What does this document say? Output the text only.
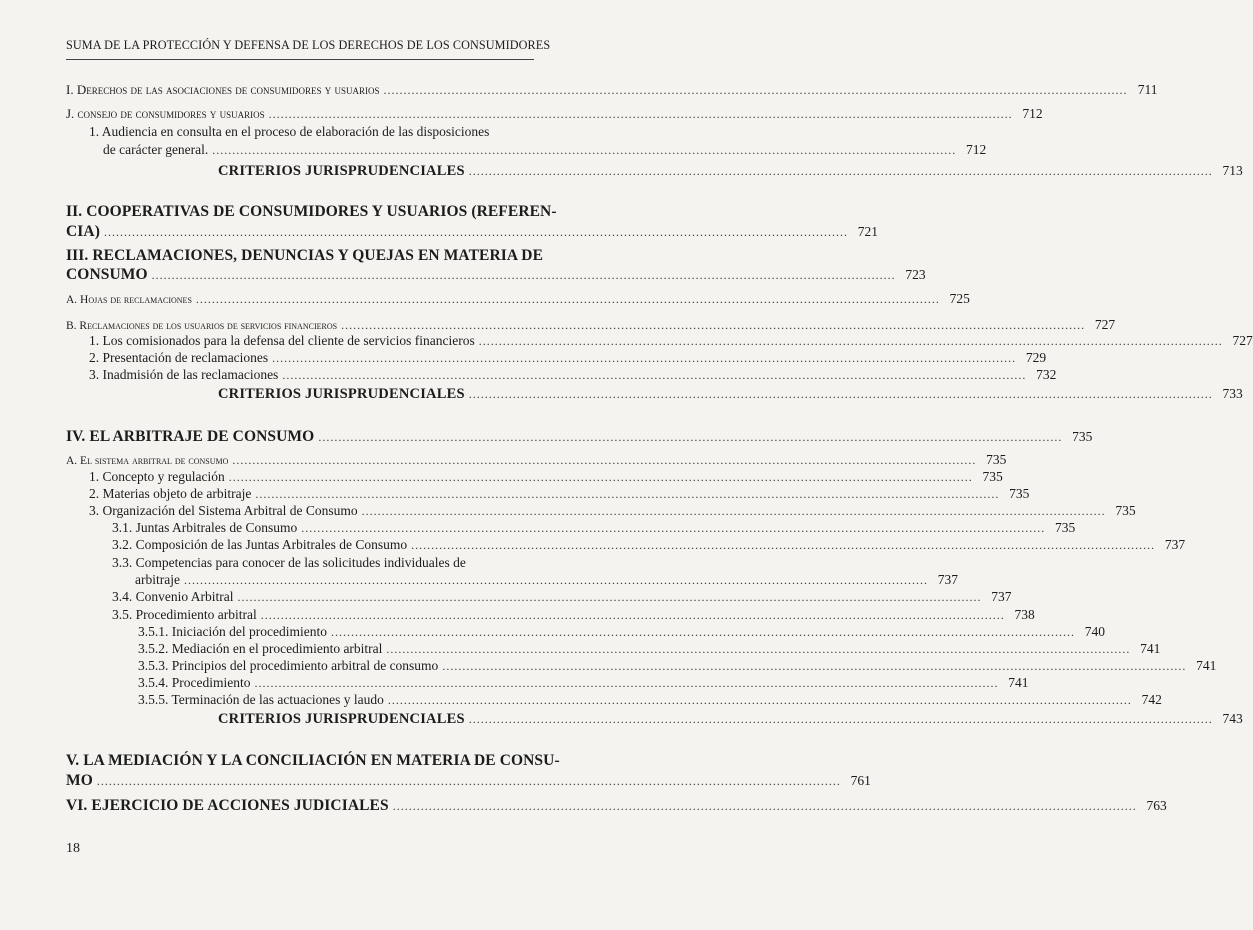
SUMA DE LA PROTECCIÓN Y DEFENSA DE LOS DERECHOS DE LOS CONSUMIDORES
I. Derechos de las asociaciones de consumidores y usuarios .......................................................................................................................................................................................... 711
J. consejo de consumidores y usuarios .......................................................................................................................................................................................... 712
1. Audiencia en consulta en el proceso de elaboración de las disposiciones
de carácter general. .......................................................................................................................................................................................... 712
CRITERIOS JURISPRUDENCIALES .......................................................................................................................................................................................... 713
II. COOPERATIVAS DE CONSUMIDORES Y USUARIOS (REFEREN-
CIA) .......................................................................................................................................................................................... 721
III. RECLAMACIONES, DENUNCIAS Y QUEJAS EN MATERIA DE
CONSUMO .......................................................................................................................................................................................... 723
A. Hojas de reclamaciones .......................................................................................................................................................................................... 725
B. Reclamaciones de los usuarios de servicios financieros .......................................................................................................................................................................................... 727
1. Los comisionados para la defensa del cliente de servicios financieros .......................................................................................................................................................................................... 727
2. Presentación de reclamaciones .......................................................................................................................................................................................... 729
3. Inadmisión de las reclamaciones .......................................................................................................................................................................................... 732
CRITERIOS JURISPRUDENCIALES .......................................................................................................................................................................................... 733
IV. EL ARBITRAJE DE CONSUMO .......................................................................................................................................................................................... 735
A. El sistema arbitral de consumo .......................................................................................................................................................................................... 735
1. Concepto y regulación .......................................................................................................................................................................................... 735
2. Materias objeto de arbitraje .......................................................................................................................................................................................... 735
3. Organización del Sistema Arbitral de Consumo .......................................................................................................................................................................................... 735
3.1. Juntas Arbitrales de Consumo .......................................................................................................................................................................................... 735
3.2. Composición de las Juntas Arbitrales de Consumo .......................................................................................................................................................................................... 737
3.3. Competencias para conocer de las solicitudes individuales de
arbitraje .......................................................................................................................................................................................... 737
3.4. Convenio Arbitral .......................................................................................................................................................................................... 737
3.5. Procedimiento arbitral .......................................................................................................................................................................................... 738
3.5.1. Iniciación del procedimiento .......................................................................................................................................................................................... 740
3.5.2. Mediación en el procedimiento arbitral .......................................................................................................................................................................................... 741
3.5.3. Principios del procedimiento arbitral de consumo .......................................................................................................................................................................................... 741
3.5.4. Procedimiento .......................................................................................................................................................................................... 741
3.5.5. Terminación de las actuaciones y laudo .......................................................................................................................................................................................... 742
CRITERIOS JURISPRUDENCIALES .......................................................................................................................................................................................... 743
V. LA MEDIACIÓN Y LA CONCILIACIÓN EN MATERIA DE CONSU-
MO .......................................................................................................................................................................................... 761
VI. EJERCICIO DE ACCIONES JUDICIALES .......................................................................................................................................................................................... 763
18
